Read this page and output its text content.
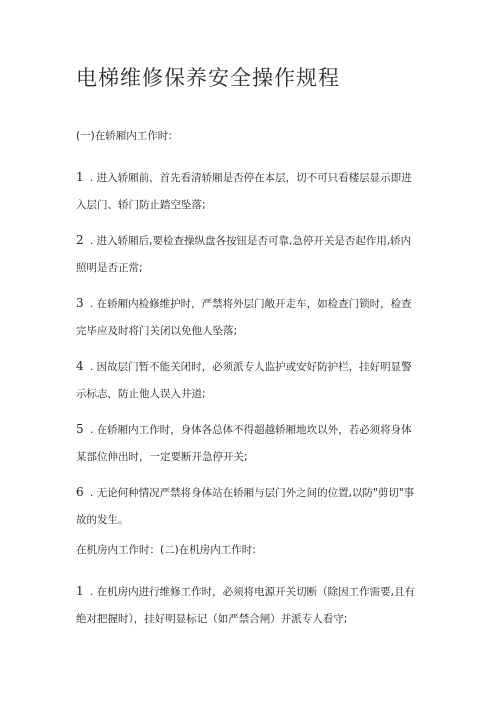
电梯维修保养安全操作规程
(一)在轿厢内工作时:
1 . 进入轿厢前，首先看清轿厢是否停在本层，切不可只看楼层显示即进
入层门、轿门防止踏空坠落;
2 . 进入轿厢后,要检查操纵盘各按钮是否可靠,急停开关是否起作用,轿内
照明是否正常;
3 . 在轿厢内检修维护时，严禁将外层门敞开走车，如检查门锁时，检查
完毕应及时将门关闭以免他人坠落;
4 . 因故层门暂不能关闭时，必须派专人监护或安好防护栏，挂好明显警
示标志，防止他人误入井道;
5 . 在轿厢内工作时，身体各总体不得超越轿厢地坎以外，若必须将身体
某部位伸出时，一定要断开急停开关;
6 . 无论何种情况严禁将身体站在轿厢与层门外之间的位置,以防"剪切"事
故的发生。
在机房内工作时：(二)在机房内工作时:
1 . 在机房内进行维修工作时，必须将电源开关切断（除因工作需要,且有
绝对把握时），挂好明显标记（如严禁合闸）并派专人看守;
